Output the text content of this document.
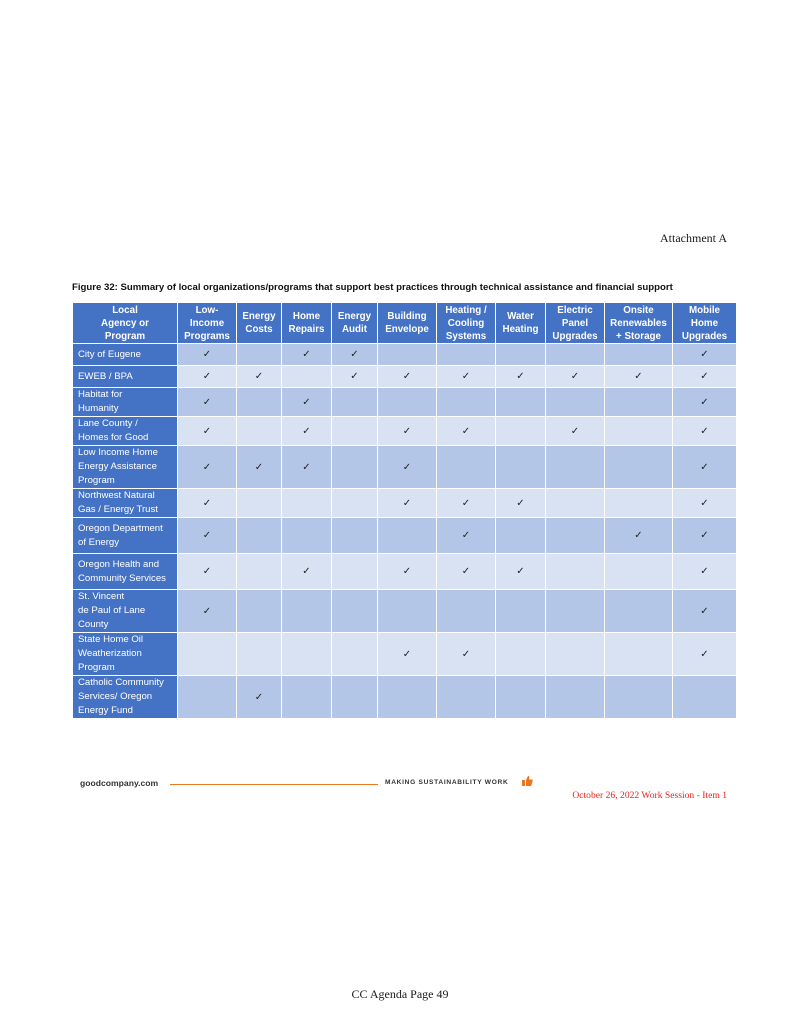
Attachment A
Figure 32: Summary of local organizations/programs that support best practices through technical assistance and financial support
Local
Agency or
Program	Low-
Income
Programs	Energy
Costs	Home
Repairs	Energy
Audit	Building
Envelope	Heating /
Cooling
Systems	Water
Heating	Electric
Panel
Upgrades	Onsite
Renewables
+ Storage	Mobile
Home
Upgrades
City of Eugene	✓		✓	✓						✓
EWEB / BPA	✓	✓		✓	✓	✓	✓	✓	✓	✓
Habitat for
Humanity	✓		✓							✓
Lane County /
Homes for Good	✓		✓		✓	✓		✓		✓
Low Income Home
Energy Assistance
Program	✓	✓	✓		✓					✓
Northwest Natural
Gas / Energy Trust	✓				✓	✓	✓			✓
Oregon Department
of Energy	✓					✓			✓	✓
Oregon Health and
Community Services	✓		✓		✓	✓	✓			✓
St. Vincent
de Paul of Lane
County	✓									✓
State Home Oil
Weatherization
Program					✓	✓				✓
Catholic Community
Services/ Oregon
Energy Fund		✓								
goodcompany.com	MAKING SUSTAINABILITY WORK
October 26, 2022 Work Session - Item 1
CC Agenda Page 49
